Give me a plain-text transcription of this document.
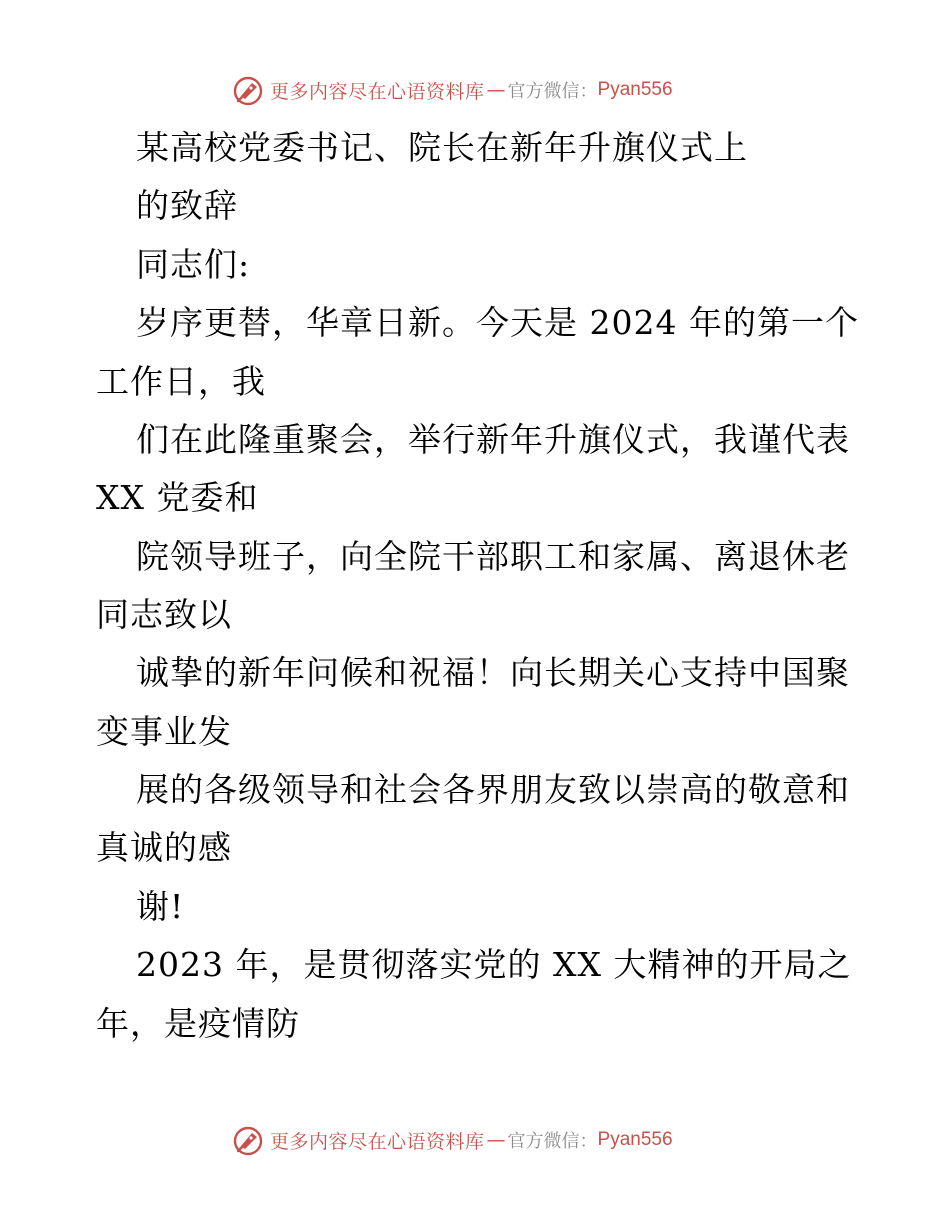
更多内容尽在心语资料库 — 官方微信： Pyan556
某高校党委书记、院长在新年升旗仪式上
的致辞
同志们:
岁序更替，华章日新。今天是 2024 年的第一个
工作日，我
们在此隆重聚会，举行新年升旗仪式，我谨代表
XX 党委和
院领导班子，向全院干部职工和家属、离退休老
同志致以
诚挚的新年问候和祝福！向长期关心支持中国聚
变事业发
展的各级领导和社会各界朋友致以崇高的敬意和
真诚的感
谢!
2023 年，是贯彻落实党的 XX 大精神的开局之
年，是疫情防
更多内容尽在心语资料库 — 官方微信： Pyan556
